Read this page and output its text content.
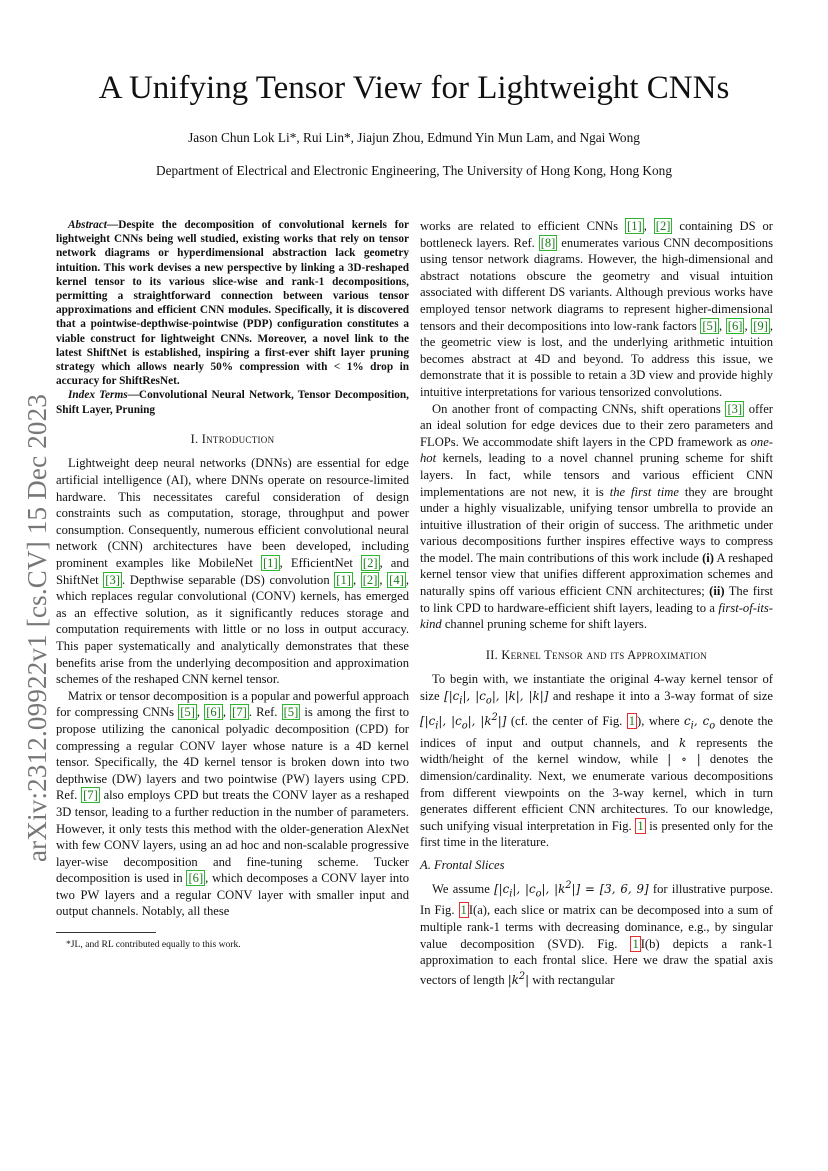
arXiv:2312.09922v1 [cs.CV] 15 Dec 2023
A Unifying Tensor View for Lightweight CNNs
Jason Chun Lok Li*, Rui Lin*, Jiajun Zhou, Edmund Yin Mun Lam, and Ngai Wong
Department of Electrical and Electronic Engineering, The University of Hong Kong, Hong Kong

Abstract—Despite the decomposition of convolutional kernels for lightweight CNNs being well studied, existing works that rely on tensor network diagrams or hyperdimensional abstraction lack geometry intuition. This work devises a new perspective by linking a 3D-reshaped kernel tensor to its various slice-wise and rank-1 decompositions, permitting a straightforward connection between various tensor approximations and efficient CNN modules. Specifically, it is discovered that a pointwise-depthwise-pointwise (PDP) configuration constitutes a viable construct for lightweight CNNs. Moreover, a novel link to the latest ShiftNet is established, inspiring a first-ever shift layer pruning strategy which allows nearly 50% compression with < 1% drop in accuracy for ShiftResNet.

Index Terms—Convolutional Neural Network, Tensor Decomposition, Shift Layer, Pruning

I. Introduction

Lightweight deep neural networks (DNNs) are essential for edge artificial intelligence (AI), where DNNs operate on resource-limited hardware. This necessitates careful consideration of design constraints such as computation, storage, throughput and power consumption. Consequently, numerous efficient convolutional neural network (CNN) architectures have been developed, including prominent examples like MobileNet [1] , EfficientNet [2] , and ShiftNet [3] . Depthwise separable (DS) convolution [1] , [2] , [4] , which replaces regular convolutional (CONV) kernels, has emerged as an effective solution, as it significantly reduces storage and computation requirements with little or no loss in output accuracy. This paper systematically and analytically demonstrates that these benefits arise from the underlying decomposition and approximation schemes of the reshaped CNN kernel tensor.

Matrix or tensor decomposition is a popular and powerful approach for compressing CNNs [5] , [6] , [7] . Ref. [5] is among the first to propose utilizing the canonical polyadic decomposition (CPD) for compressing a regular CONV layer whose nature is a 4D kernel tensor. Specifically, the 4D kernel tensor is broken down into two depthwise (DW) layers and two pointwise (PW) layers using CPD. Ref. [7] also employs CPD but treats the CONV layer as a reshaped 3D tensor, leading to a further reduction in the number of parameters. However, it only tests this method with the older-generation AlexNet with few CONV layers, using an ad hoc and non-scalable progressive layer-wise decomposition and fine-tuning scheme. Tucker decomposition is used in [6] , which decomposes a CONV layer into two PW layers and a regular CONV layer with smaller input and output channels. Notably, all these

*JL, and RL contributed equally to this work.

works are related to efficient CNNs [1] , [2] containing DS or bottleneck layers. Ref. [8] enumerates various CNN decompositions using tensor network diagrams. However, the high-dimensional and abstract notations obscure the geometry and visual intuition associated with different DS variants. Although previous works have employed tensor network diagrams to represent higher-dimensional tensors and their decompositions into low-rank factors [5] , [6] , [9] , the geometric view is lost, and the underlying arithmetic intuition becomes abstract at 4D and beyond. To address this issue, we demonstrate that it is possible to retain a 3D view and provide highly intuitive interpretations for various tensorized convolutions.

On another front of compacting CNNs, shift operations [3] offer an ideal solution for edge devices due to their zero parameters and FLOPs. We accommodate shift layers in the CPD framework as one-hot kernels, leading to a novel channel pruning scheme for shift layers. In fact, while tensors and various efficient CNN implementations are not new, it is the first time they are brought under a highly visualizable, unifying tensor umbrella to provide an intuitive illustration of their origin of success. The arithmetic under various decompositions further inspires effective ways to compress the model. The main contributions of this work include (i) A reshaped kernel tensor view that unifies different approximation schemes and naturally spins off various efficient CNN architectures; (ii) The first to link CPD to hardware-efficient shift layers, leading to a first-of-its-kind channel pruning scheme for shift layers.

II. Kernel Tensor and its Approximation

To begin with, we instantiate the original 4-way kernel tensor of size [$|c_i|$, $|c_o|$, |k|, |k|] and reshape it into a 3-way format of size [$|c_i|$, $|c_o|$, $|k^2|$] (cf. the center of Fig. 1 ), where $c_i$, $c_o$ denote the indices of input and output channels, and k represents the width/height of the kernel window, while | ∘ | denotes the dimension/cardinality. Next, we enumerate various decompositions from different viewpoints on the 3-way kernel, which in turn generates different efficient CNN architectures. To our knowledge, such unifying visual interpretation in Fig. 1 is presented only for the first time in the literature.

A. Frontal Slices

We assume [$|c_i|$, $|c_o|$, $|k^2|] = [3$, 6, 9] for illustrative purpose. In Fig. 1 I(a), each slice or matrix can be decomposed into a sum of multiple rank-1 terms with decreasing dominance, e.g., by singular value decomposition (SVD). Fig. 1 I(b) depicts a rank-1 approximation to each frontal slice. Here we draw the spatial axis vectors of length $|k^2|$ with rectangular
